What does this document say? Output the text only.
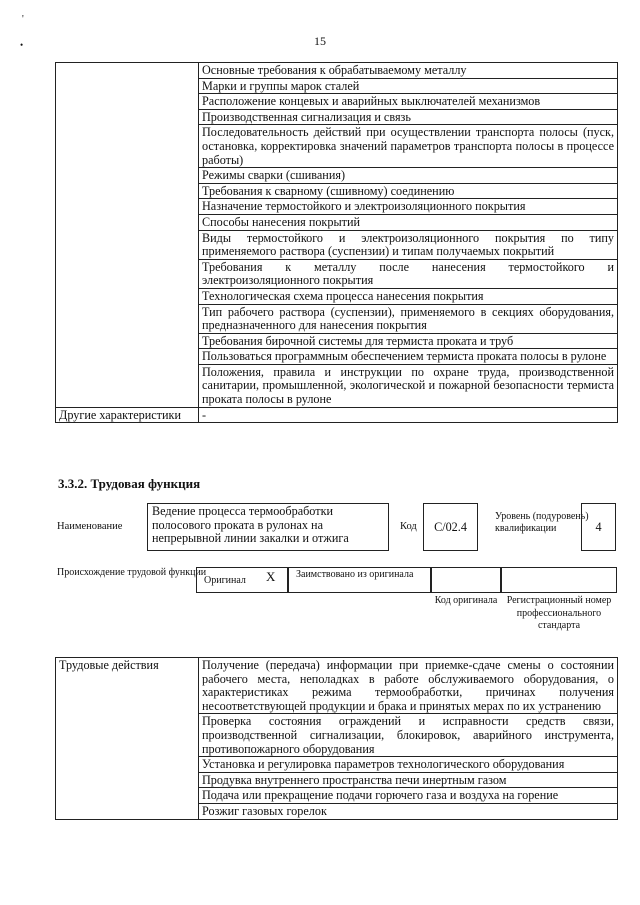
'
•	15
	Основные требования к обрабатываемому металлу
	Марки и группы марок сталей
	Расположение концевых и аварийных выключателей механизмов
	Производственная сигнализация и связь
	Последовательность действий при осуществлении транспорта полосы (пуск, остановка, корректировка значений параметров транспорта полосы в процессе работы)
	Режимы сварки (сшивания)
	Требования к сварному (сшивному) соединению
	Назначение термостойкого и электроизоляционного покрытия
	Способы нанесения покрытий
	Виды термостойкого и электроизоляционного покрытия по типу применяемого раствора (суспензии) и типам получаемых покрытий
	Требования к металлу после нанесения термостойкого и электроизоляционного покрытия
	Технологическая схема процесса нанесения покрытия
	Тип рабочего раствора (суспензии), применяемого в секциях оборудования, предназначенного для нанесения покрытия
	Требования бирочной системы для термиста проката и труб
	Пользоваться программным обеспечением термиста проката полосы в рулоне
	Положения, правила и инструкции по охране труда, производственной санитарии, промышленной, экологической и пожарной безопасности термиста проката полосы в рулоне
Другие характеристики	-
3.3.2. Трудовая функция
Наименование
Ведение процесса термообработки полосового проката в рулонах на непрерывной линии закалки и отжига
Код	С/02.4
Уровень (подуровень) квалификации	4
Происхождение трудовой функции
Оригинал X Заимствовано из оригинала
Код оригинала Регистрационный номер профессионального стандарта
Трудовые действия	Получение (передача) информации при приемке-сдаче смены о состоянии рабочего места, неполадках в работе обслуживаемого оборудования, о характеристиках режима термообработки, причинах получения несоответствующей продукции и брака и принятых мерах по их устранению
Проверка состояния ограждений и исправности средств связи, производственной сигнализации, блокировок, аварийного инструмента, противопожарного оборудования
Установка и регулировка параметров технологического оборудования
Продувка внутреннего пространства печи инертным газом
Подача или прекращение подачи горючего газа и воздуха на горение
Розжиг газовых горелок
